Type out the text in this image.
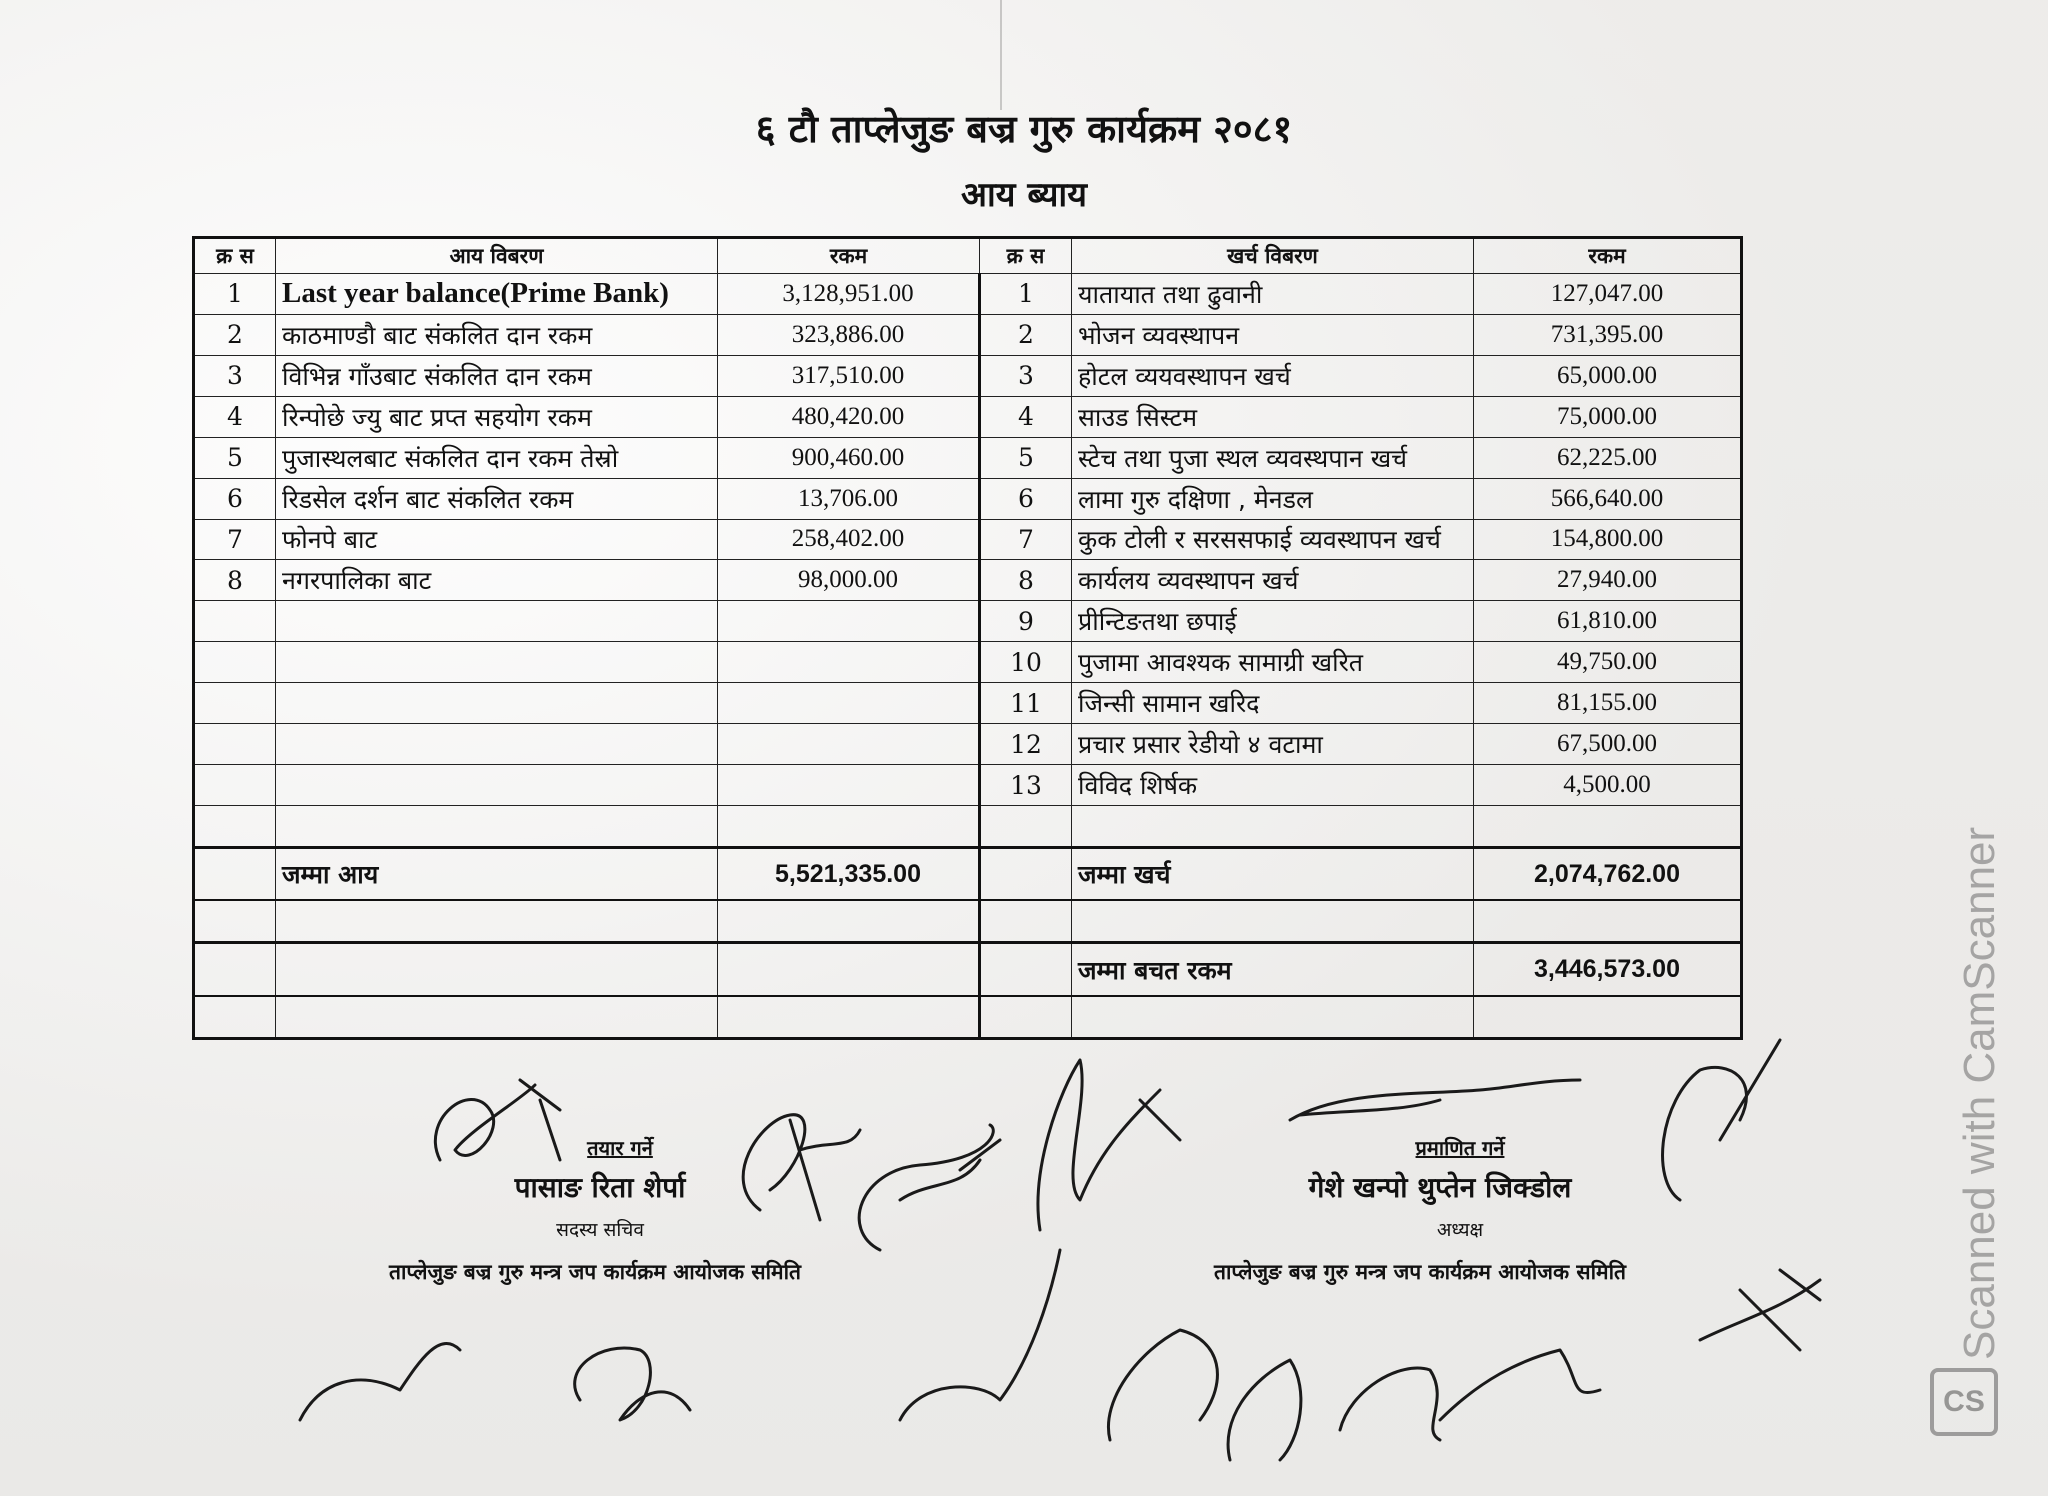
६ टौ ताप्लेजुङ बज्र गुरु कार्यक्रम २०८१
आय ब्याय
क्र स	आय विबरण	रकम	क्र स	खर्च विबरण	रकम
1	Last year balance(Prime Bank)	3,128,951.00	1	यातायात तथा ढुवानी	127,047.00
2	काठमाण्डौ बाट संकलित दान रकम	323,886.00	2	भोजन व्यवस्थापन	731,395.00
3	विभिन्न गाँउबाट संकलित दान रकम	317,510.00	3	होटल व्ययवस्थापन खर्च	65,000.00
4	रिन्पोछे ज्यु बाट प्रप्त सहयोग रकम	480,420.00	4	साउड सिस्टम	75,000.00
5	पुजास्थलबाट संकलित दान रकम तेस्रो	900,460.00	5	स्टेच तथा पुजा स्थल व्यवस्थपान खर्च	62,225.00
6	रिडसेल दर्शन बाट संकलित रकम	13,706.00	6	लामा गुरु दक्षिणा , मेनडल	566,640.00
7	फोनपे बाट	258,402.00	7	कुक टोली र सरससफाई व्यवस्थापन खर्च	154,800.00
8	नगरपालिका बाट	98,000.00	8	कार्यलय व्यवस्थापन खर्च	27,940.00
			9	प्रीन्टिङतथा छपाई	61,810.00
			10	पुजामा आवश्यक सामाग्री खरित	49,750.00
			11	जिन्सी सामान खरिद	81,155.00
			12	प्रचार प्रसार रेडीयो ४ वटामा	67,500.00
			13	विविद शिर्षक	4,500.00

	जम्मा आय	5,521,335.00		जम्मा खर्च	2,074,762.00

				जम्मा बचत रकम	3,446,573.00

तयार गर्ने
पासाङ रिता शेर्पा
सदस्य सचिव
ताप्लेजुङ बज्र गुरु मन्त्र जप कार्यक्रम आयोजक समिति
प्रमाणित गर्ने
गेशे खन्पो थुप्तेन जिक्डोल
अध्यक्ष
ताप्लेजुङ बज्र गुरु मन्त्र जप कार्यक्रम आयोजक समिति	Scanned with CamScanner
CS
